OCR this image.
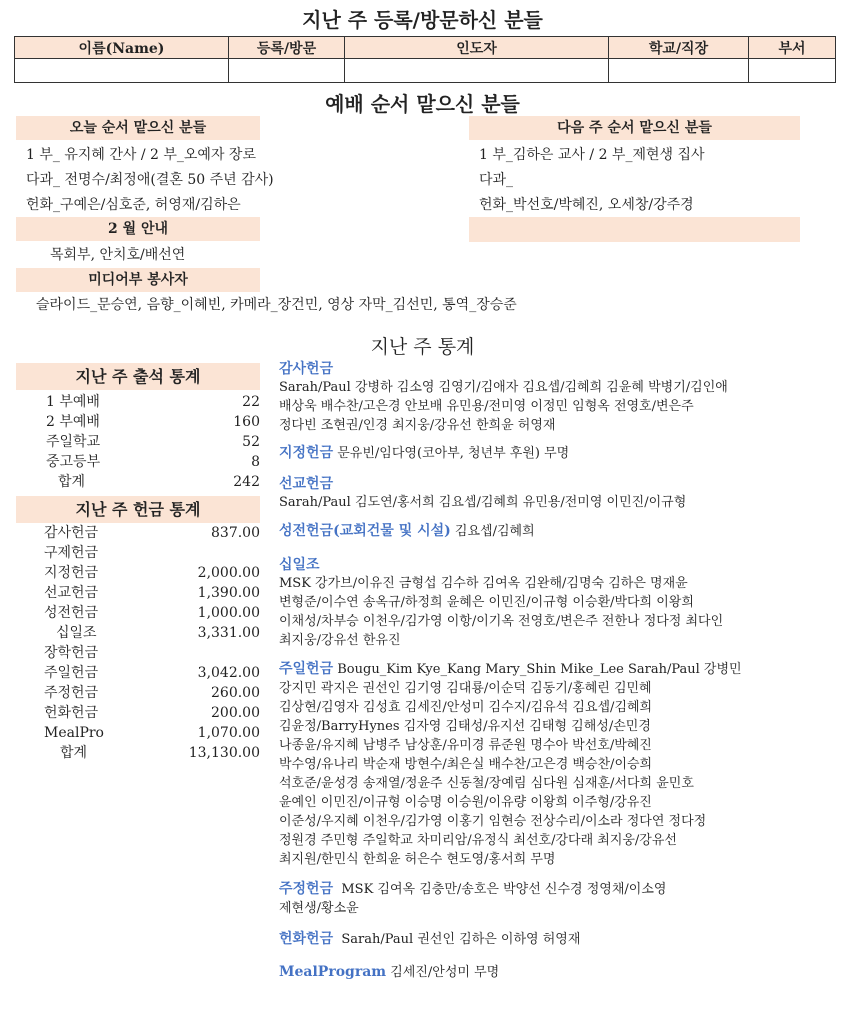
지난 주 등록/방문하신 분들
이름(Name)	등록/방문	인도자	학교/직장	부서

예배 순서 맡으신 분들
오늘 순서 맡으신 분들
1 부_ 유지혜 간사 / 2 부_오예자 장로
다과_ 전명수/최정애(결혼 50 주년 감사)
헌화_구예은/심호준, 허영재/김하은
다음 주 순서 맡으신 분들
1 부_김하은 교사 / 2 부_제현생 집사
다과_
헌화_박선호/박혜진, 오세창/강주경
2 월 안내
목회부, 안치호/배선연
미디어부 봉사자
슬라이드_문승연, 음향_이혜빈, 카메라_장건민, 영상 자막_김선민, 통역_장승준
지난 주 통계
지난 주 출석 통계
1 부예배	22
2 부예배	160
주일학교	52
중고등부	8
합계	242
지난 주 헌금 통계
감사헌금	837.00
구제헌금
지정헌금	2,000.00
선교헌금	1,390.00
성전헌금	1,000.00
십일조	3,331.00
장학헌금
주일헌금	3,042.00
주정헌금	260.00
헌화헌금	200.00
MealPro	1,070.00
합계	13,130.00
감사헌금
Sarah/Paul 강병하 김소영 김영기/김애자 김요셉/김혜희 김윤혜 박병기/김인애
배상욱 배수찬/고은경 안보배 유민용/전미영 이정민 임형옥 전영호/변은주
정다빈 조현권/인경 최지웅/강유선 한희윤 허영재
지정헌금 문유빈/임다영(코아부, 청년부 후원) 무명
선교헌금
Sarah/Paul 김도연/홍서희 김요셉/김혜희 유민용/전미영 이민진/이규형
성전헌금(교회건물 및 시설) 김요셉/김혜희
십일조
MSK 강가브/이유진 금형섭 김수하 김여옥 김완해/김명숙 김하은 명재윤
변형준/이수연 송옥규/하정희 윤혜은 이민진/이규형 이승환/박다희 이왕희
이채성/차부승 이천우/김가영 이항/이기옥 전영호/변은주 전한나 정다정 최다인
최지웅/강유선 한유진
주일헌금 Bougu_Kim Kye_Kang Mary_Shin Mike_Lee Sarah/Paul 강병민
강지민 곽지은 권선인 김기영 김대룡/이순덕 김동기/홍혜린 김민혜
김상현/김영자 김성효 김세진/안성미 김수지/김유석 김요셉/김혜희
김윤정/BarryHynes 김자영 김태성/유지선 김태형 김해성/손민경
나종윤/유지혜 남병주 남상훈/유미경 류준원 명수아 박선호/박혜진
박수영/유나리 박순재 방현수/최은실 배수찬/고은경 백승찬/이승희
석호준/윤성경 송재열/정윤주 신동철/장예림 심다원 심재훈/서다희 윤민호
윤예인 이민진/이규형 이승명 이승원/이유량 이왕희 이주형/강유진
이준성/우지혜 이천우/김가영 이홍기 임현승 전상수리/이소라 정다연 정다정
정원경 주민형 주일학교 차미리암/유정식 최선호/강다래 최지웅/강유선
최지원/한민식 한희윤 허은수 현도영/홍서희 무명
주정헌금 MSK 김여옥 김충만/송호은 박양선 신수경 정영채/이소영
제현생/황소윤
헌화헌금 Sarah/Paul 권선인 김하은 이하영 허영재
MealProgram 김세진/안성미 무명
